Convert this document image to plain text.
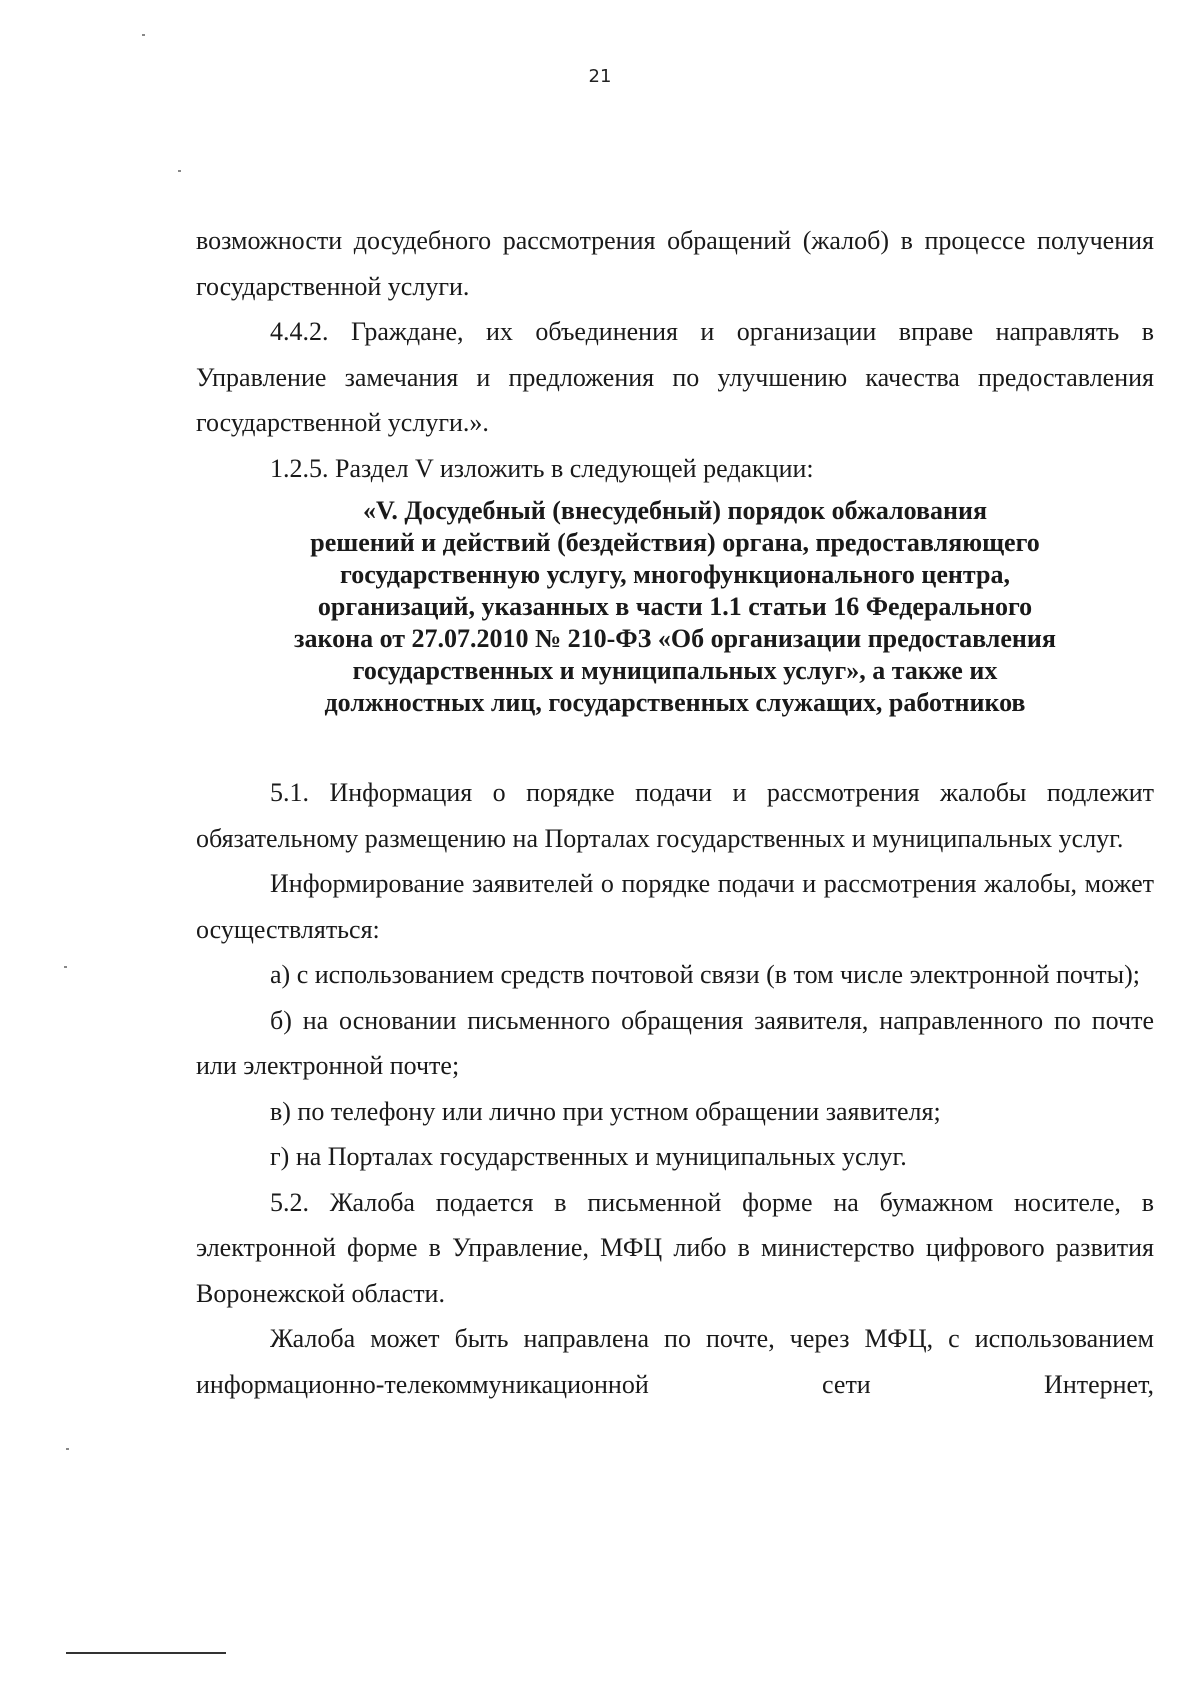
21

возможности досудебного рассмотрения обращений (жалоб) в процессе получения государственной услуги.

4.4.2. Граждане, их объединения и организации вправе направлять в Управление замечания и предложения по улучшению качества предоставления государственной услуги.».

1.2.5. Раздел V изложить в следующей редакции:

«V. Досудебный (внесудебный) порядок обжалования
решений и действий (бездействия) органа, предоставляющего
государственную услугу, многофункционального центра,
организаций, указанных в части 1.1 статьи 16 Федерального
закона от 27.07.2010 № 210-ФЗ «Об организации предоставления
государственных и муниципальных услуг», а также их
должностных лиц, государственных служащих, работников

5.1. Информация о порядке подачи и рассмотрения жалобы подлежит обязательному размещению на Порталах государственных и муниципальных услуг.

Информирование заявителей о порядке подачи и рассмотрения жалобы, может осуществляться:

а) с использованием средств почтовой связи (в том числе электронной почты);

б) на основании письменного обращения заявителя, направленного по почте или электронной почте;

в) по телефону или лично при устном обращении заявителя;

г) на Порталах государственных и муниципальных услуг.

5.2. Жалоба подается в письменной форме на бумажном носителе, в электронной форме в Управление, МФЦ либо в министерство цифрового развития Воронежской области.

Жалоба может быть направлена по почте, через МФЦ, с использованием информационно-телекоммуникационной сети Интернет,
